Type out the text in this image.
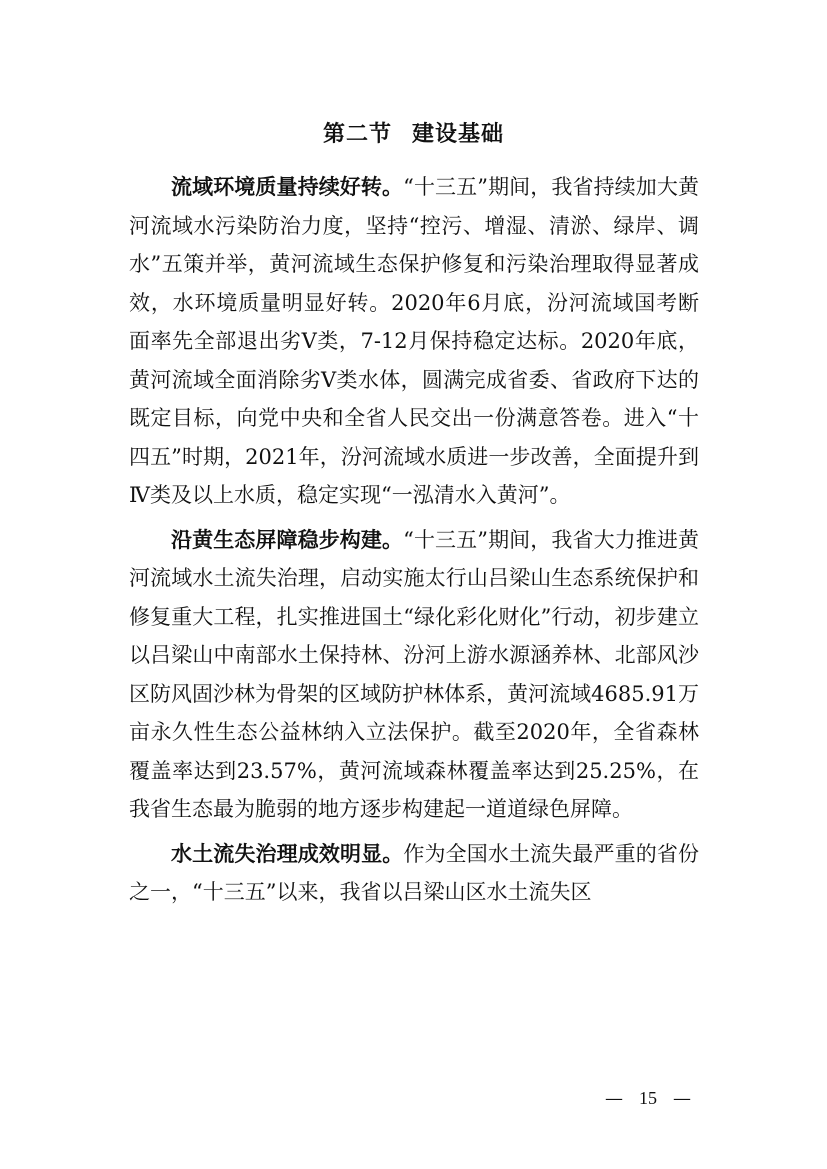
第二节 建设基础

流域环境质量持续好转。“十三五”期间，我省持续加大黄河流域水污染防治力度，坚持“控污、增湿、清淤、绿岸、调水”五策并举，黄河流域生态保护修复和污染治理取得显著成效，水环境质量明显好转。2020年6月底，汾河流域国考断面率先全部退出劣Ⅴ类，7-12月保持稳定达标。2020年底，黄河流域全面消除劣Ⅴ类水体，圆满完成省委、省政府下达的既定目标，向党中央和全省人民交出一份满意答卷。进入“十四五”时期，2021年，汾河流域水质进一步改善，全面提升到Ⅳ类及以上水质，稳定实现“一泓清水入黄河”。

沿黄生态屏障稳步构建。“十三五”期间，我省大力推进黄河流域水土流失治理，启动实施太行山吕梁山生态系统保护和修复重大工程，扎实推进国土“绿化彩化财化”行动，初步建立以吕梁山中南部水土保持林、汾河上游水源涵养林、北部风沙区防风固沙林为骨架的区域防护林体系，黄河流域4685.91万亩永久性生态公益林纳入立法保护。截至2020年，全省森林覆盖率达到23.57%，黄河流域森林覆盖率达到25.25%，在我省生态最为脆弱的地方逐步构建起一道道绿色屏障。

水土流失治理成效明显。作为全国水土流失最严重的省份之一，“十三五”以来，我省以吕梁山区水土流失区

— 15 —
